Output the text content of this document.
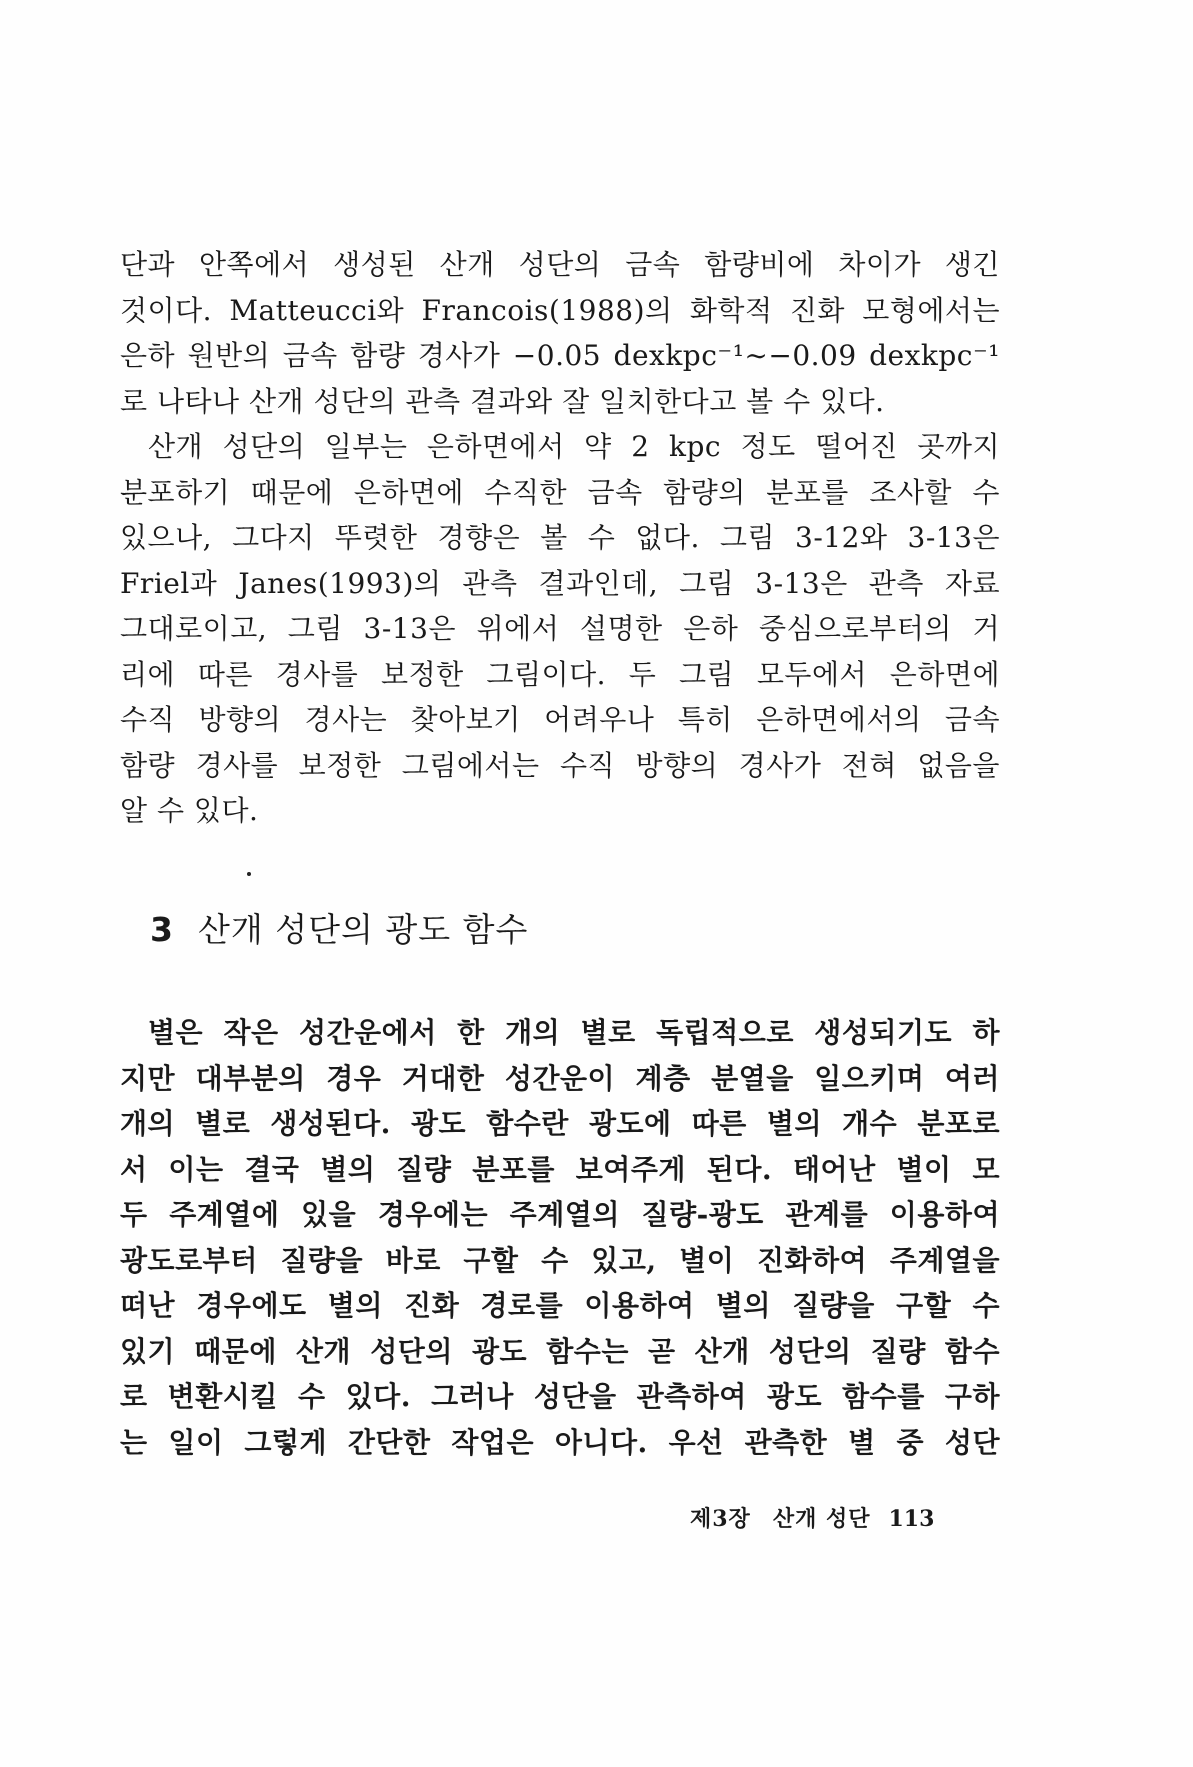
단과 안쪽에서 생성된 산개 성단의 금속 함량비에 차이가 생긴
것이다. Matteucci와 Francois(1988)의 화학적 진화 모형에서는
은하 원반의 금속 함량 경사가 −0.05 dexkpc⁻¹∼−0.09 dexkpc⁻¹
로 나타나 산개 성단의 관측 결과와 잘 일치한다고 볼 수 있다.
산개 성단의 일부는 은하면에서 약 2 kpc 정도 떨어진 곳까지
분포하기 때문에 은하면에 수직한 금속 함량의 분포를 조사할 수
있으나, 그다지 뚜렷한 경향은 볼 수 없다. 그림 3-12와 3-13은
Friel과 Janes(1993)의 관측 결과인데, 그림 3-13은 관측 자료
그대로이고, 그림 3-13은 위에서 설명한 은하 중심으로부터의 거
리에 따른 경사를 보정한 그림이다. 두 그림 모두에서 은하면에
수직 방향의 경사는 찾아보기 어려우나 특히 은하면에서의 금속
함량 경사를 보정한 그림에서는 수직 방향의 경사가 전혀 없음을
알 수 있다.
3 산개 성단의 광도 함수
별은 작은 성간운에서 한 개의 별로 독립적으로 생성되기도 하
지만 대부분의 경우 거대한 성간운이 계층 분열을 일으키며 여러
개의 별로 생성된다. 광도 함수란 광도에 따른 별의 개수 분포로
서 이는 결국 별의 질량 분포를 보여주게 된다. 태어난 별이 모
두 주계열에 있을 경우에는 주계열의 질량-광도 관계를 이용하여
광도로부터 질량을 바로 구할 수 있고, 별이 진화하여 주계열을
떠난 경우에도 별의 진화 경로를 이용하여 별의 질량을 구할 수
있기 때문에 산개 성단의 광도 함수는 곧 산개 성단의 질량 함수
로 변환시킬 수 있다. 그러나 성단을 관측하여 광도 함수를 구하
는 일이 그렇게 간단한 작업은 아니다. 우선 관측한 별 중 성단
제3장 산개 성단 113
